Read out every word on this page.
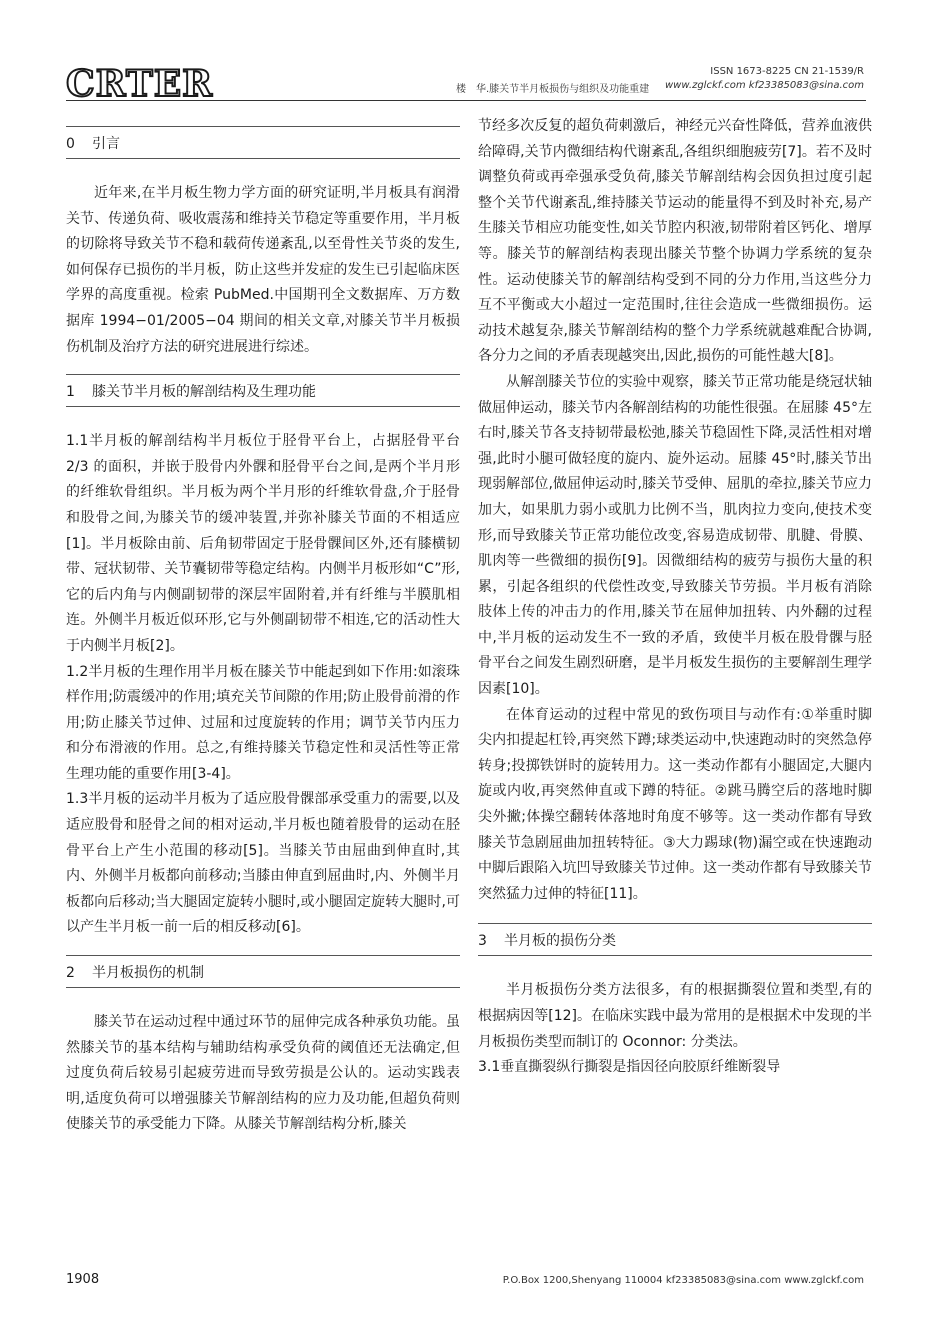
CRTER	楼　华.膝关节半月板损伤与组织及功能重建
ISSN 1673-8225 CN 21-1539/R
www.zglckf.com kf23385083@sina.com
0 引言

近年来,在半月板生物力学方面的研究证明,半月板具有润滑关节、传递负荷、吸收震荡和维持关节稳定等重要作用，半月板的切除将导致关节不稳和载荷传递紊乱,以至骨性关节炎的发生,如何保存已损伤的半月板，防止这些并发症的发生已引起临床医学界的高度重视。检索 PubMed.中国期刊全文数据库、万方数据库 1994−01/2005−04 期间的相关文章,对膝关节半月板损伤机制及治疗方法的研究进展进行综述。

1 膝关节半月板的解剖结构及生理功能

1.1半月板的解剖结构半月板位于胫骨平台上，占据胫骨平台 2/3 的面积，并嵌于股骨内外髁和胫骨平台之间,是两个半月形的纤维软骨组织。半月板为两个半月形的纤维软骨盘,介于胫骨和股骨之间,为膝关节的缓冲装置,并弥补膝关节面的不相适应[1]。半月板除由前、后角韧带固定于胫骨髁间区外,还有膝横韧带、冠状韧带、关节囊韧带等稳定结构。内侧半月板形如“C”形,它的后内角与内侧副韧带的深层牢固附着,并有纤维与半膜肌相连。外侧半月板近似环形,它与外侧副韧带不相连,它的活动性大于内侧半月板[2]。

1.2半月板的生理作用半月板在膝关节中能起到如下作用:如滚珠样作用;防震缓冲的作用;填充关节间隙的作用;防止股骨前滑的作用;防止膝关节过伸、过屈和过度旋转的作用；调节关节内压力和分布滑液的作用。总之,有维持膝关节稳定性和灵活性等正常生理功能的重要作用[3-4]。

1.3半月板的运动半月板为了适应股骨髁部承受重力的需要,以及适应股骨和胫骨之间的相对运动,半月板也随着股骨的运动在胫骨平台上产生小范围的移动[5]。当膝关节由屈曲到伸直时,其内、外侧半月板都向前移动;当膝由伸直到屈曲时,内、外侧半月板都向后移动;当大腿固定旋转小腿时,或小腿固定旋转大腿时,可以产生半月板一前一后的相反移动[6]。

2 半月板损伤的机制

膝关节在运动过程中通过环节的屈伸完成各种承负功能。虽然膝关节的基本结构与辅助结构承受负荷的阈值还无法确定,但过度负荷后较易引起疲劳进而导致劳损是公认的。运动实践表明,适度负荷可以增强膝关节解剖结构的应力及功能,但超负荷则使膝关节的承受能力下降。从膝关节解剖结构分析,膝关

节经多次反复的超负荷刺激后，神经元兴奋性降低，营养血液供给障碍,关节内微细结构代谢紊乱,各组织细胞疲劳[7]。若不及时调整负荷或再牵强承受负荷,膝关节解剖结构会因负担过度引起整个关节代谢紊乱,维持膝关节运动的能量得不到及时补充,易产生膝关节相应功能变性,如关节腔内积液,韧带附着区钙化、增厚等。膝关节的解剖结构表现出膝关节整个协调力学系统的复杂性。运动使膝关节的解剖结构受到不同的分力作用,当这些分力互不平衡或大小超过一定范围时,往往会造成一些微细损伤。运动技术越复杂,膝关节解剖结构的整个力学系统就越难配合协调,各分力之间的矛盾表现越突出,因此,损伤的可能性越大[8]。

从解剖膝关节位的实验中观察，膝关节正常功能是绕冠状轴做屈伸运动，膝关节内各解剖结构的功能性很强。在屈膝 45°左右时,膝关节各支持韧带最松弛,膝关节稳固性下降,灵活性相对增强,此时小腿可做轻度的旋内、旋外运动。屈膝 45°时,膝关节出现弱解部位,做屈伸运动时,膝关节受伸、屈肌的牵拉,膝关节应力加大，如果肌力弱小或肌力比例不当，肌肉拉力变向,使技术变形,而导致膝关节正常功能位改变,容易造成韧带、肌腱、骨膜、肌肉等一些微细的损伤[9]。因微细结构的疲劳与损伤大量的积累，引起各组织的代偿性改变,导致膝关节劳损。半月板有消除肢体上传的冲击力的作用,膝关节在屈伸加扭转、内外翻的过程中,半月板的运动发生不一致的矛盾，致使半月板在股骨髁与胫骨平台之间发生剧烈研磨，是半月板发生损伤的主要解剖生理学因素[10]。

在体育运动的过程中常见的致伤项目与动作有:①举重时脚尖内扣提起杠铃,再突然下蹲;球类运动中,快速跑动时的突然急停转身;投掷铁饼时的旋转用力。这一类动作都有小腿固定,大腿内旋或内收,再突然伸直或下蹲的特征。②跳马腾空后的落地时脚尖外撇;体操空翻转体落地时角度不够等。这一类动作都有导致膝关节急剧屈曲加扭转特征。③大力踢球(物)漏空或在快速跑动中脚后跟陷入坑凹导致膝关节过伸。这一类动作都有导致膝关节突然猛力过伸的特征[11]。

3 半月板的损伤分类

半月板损伤分类方法很多，有的根据撕裂位置和类型,有的根据病因等[12]。在临床实践中最为常用的是根据术中发现的半月板损伤类型而制订的 Oconnor: 分类法。

3.1垂直撕裂纵行撕裂是指因径向胶原纤维断裂导

1908	P.O.Box 1200,Shenyang 110004 kf23385083@sina.com www.zglckf.com
